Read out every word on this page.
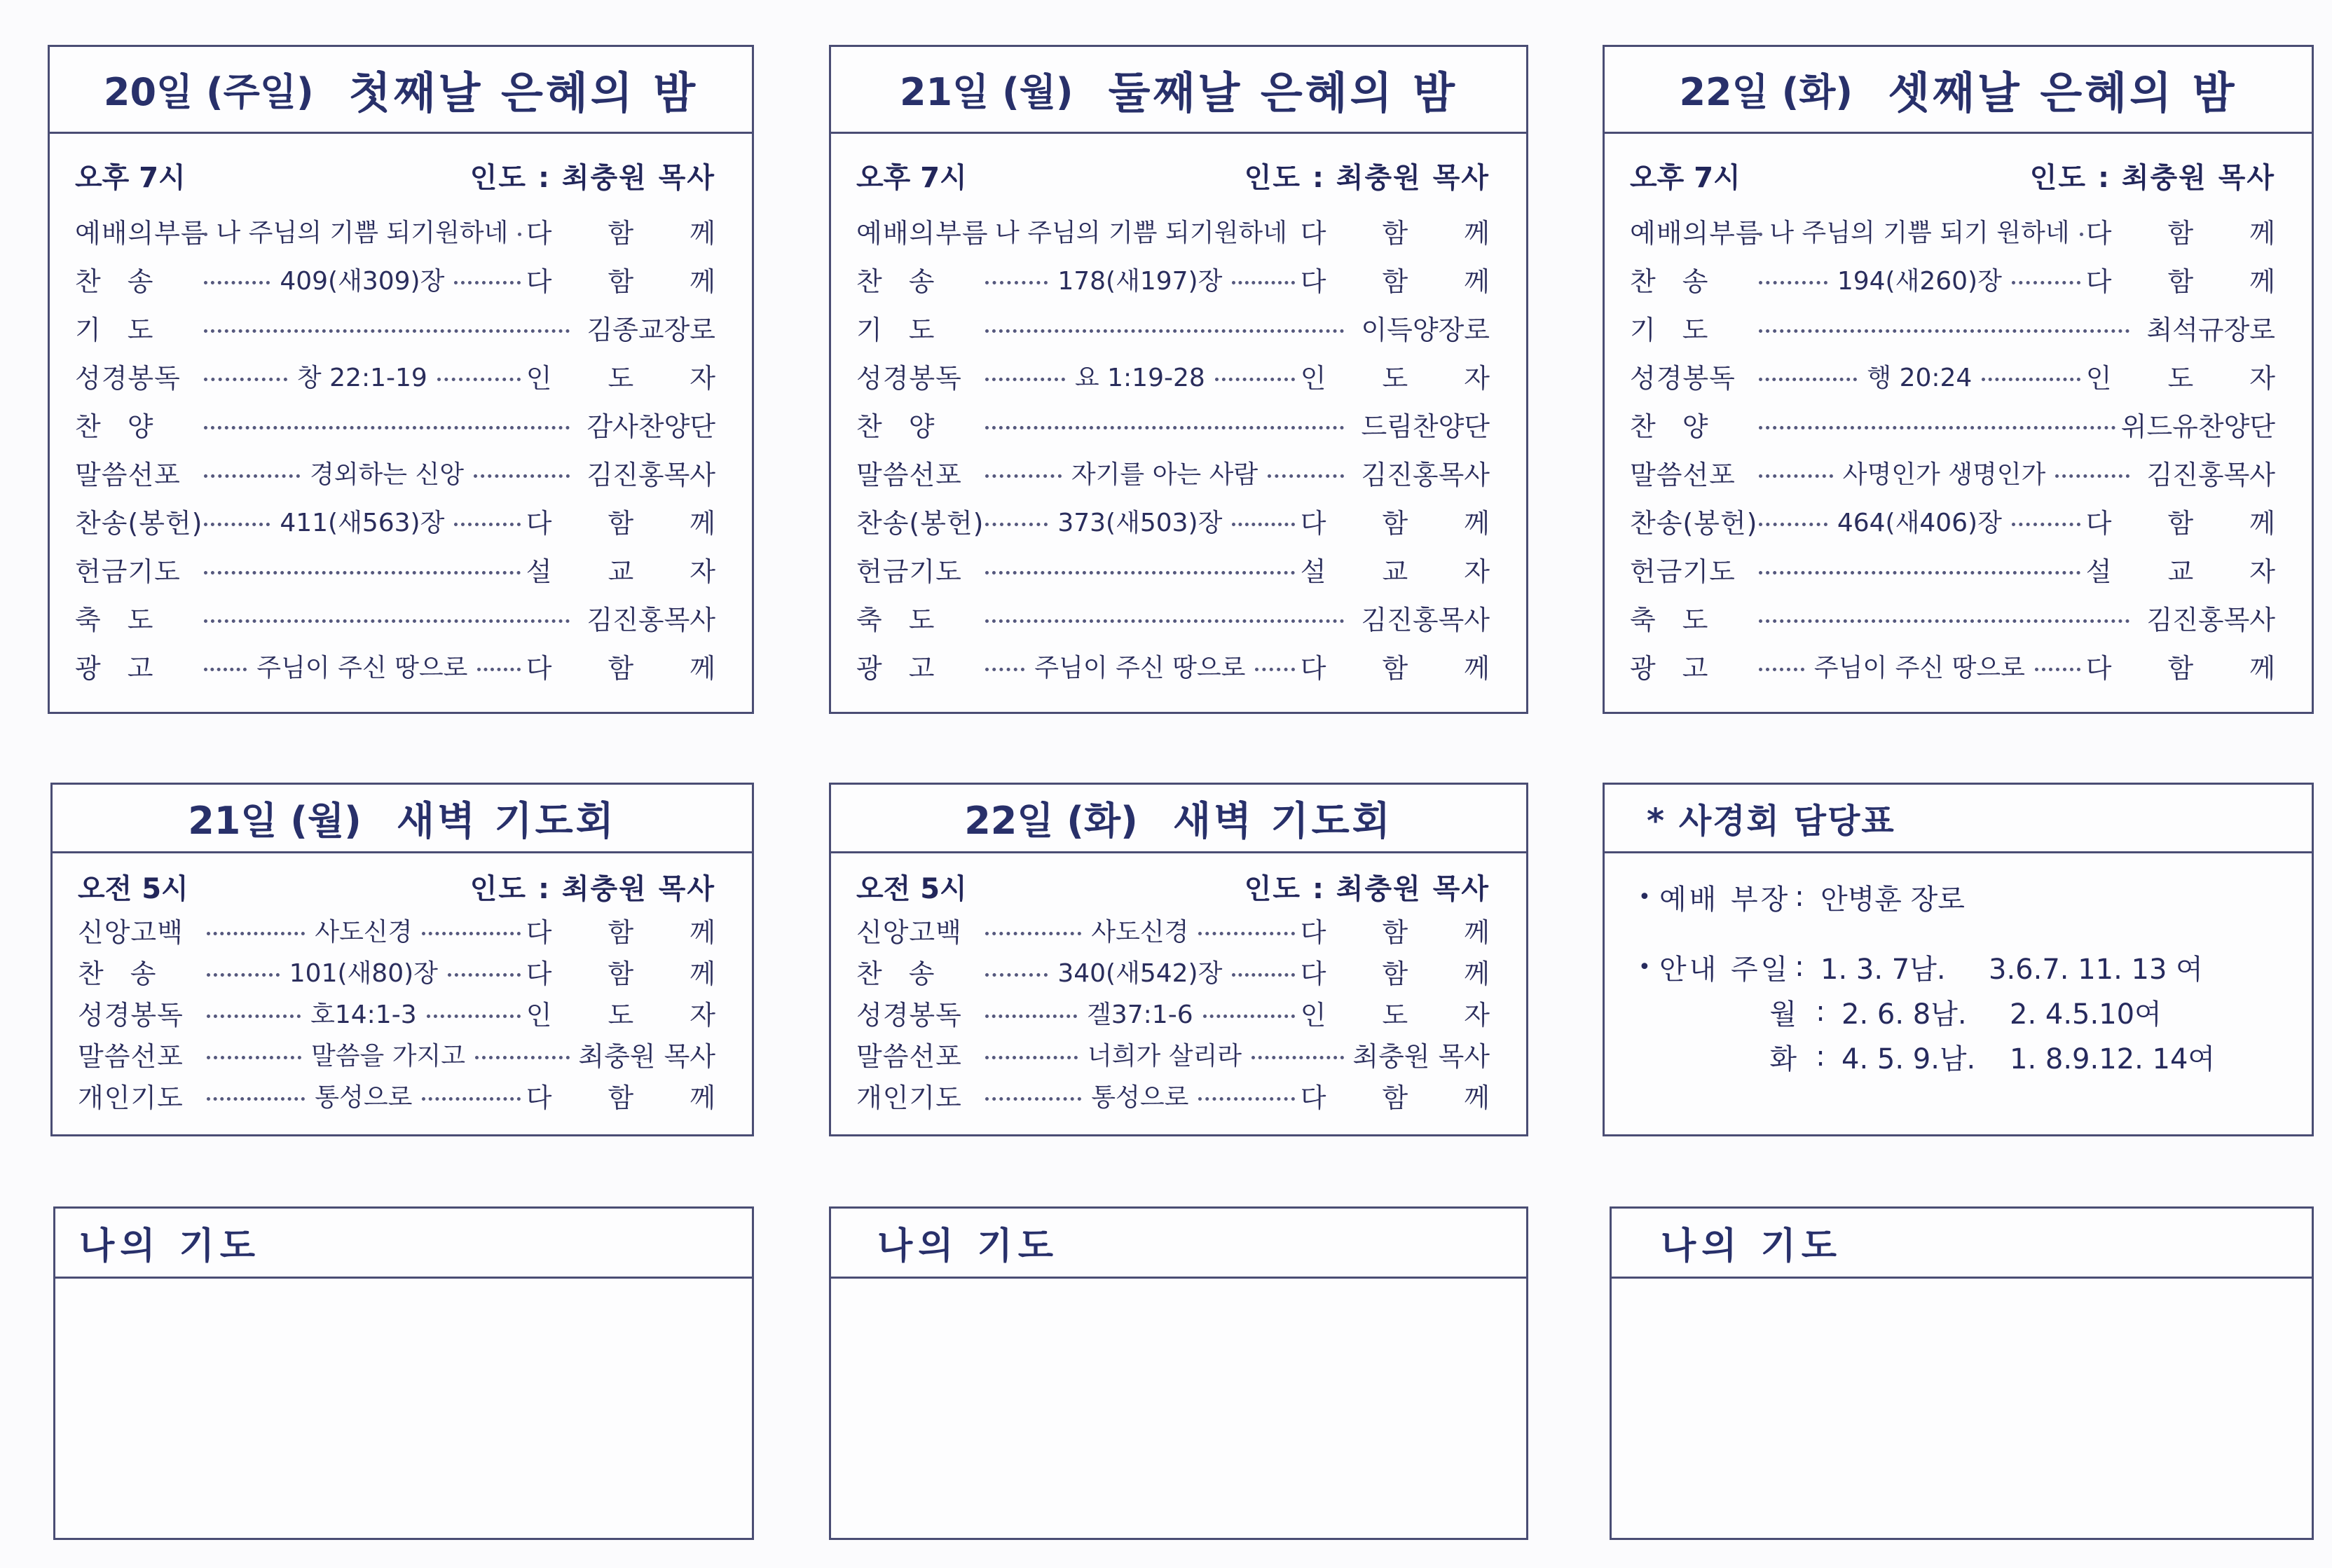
20일 (주일) 첫째날 은혜의 밤
오후 7시	인도 : 최충원 목사
예배의부름 나 주님의 기쁨 되기원하네 다 함 께
찬송	409(새309)장	다 함 께
기도	김종교장로
성경봉독	창 22:1-19	인 도 자
찬양	감사찬양단
말씀선포	경외하는 신앙	김진홍목사
찬송(봉헌)	411(새563)장	다 함 께
헌금기도	설 교 자
축도	김진홍목사
광고	주님이 주신 땅으로	다 함 께
21일 (월) 둘째날 은혜의 밤
오후 7시	인도 : 최충원 목사
예배의부름 나 주님의 기쁨 되기원하네 다 함 께
찬송	178(새197)장	다 함 께
기도	이득양장로
성경봉독	요 1:19-28	인 도 자
찬양	드림찬양단
말씀선포	자기를 아는 사람	김진홍목사
찬송(봉헌)	373(새503)장	다 함 께
헌금기도	설 교 자
축도	김진홍목사
광고	주님이 주신 땅으로	다 함 께
22일 (화) 셋째날 은혜의 밤
오후 7시	인도 : 최충원 목사
예배의부름 나 주님의 기쁨 되기 원하네 다 함 께
찬송	194(새260)장	다 함 께
기도	최석규장로
성경봉독	행 20:24	인 도 자
찬양	위드유찬양단
말씀선포	사명인가 생명인가	김진홍목사
찬송(봉헌)	464(새406)장	다 함 께
헌금기도	설 교 자
축도	김진홍목사
광고	주님이 주신 땅으로	다 함 께
21일 (월) 새벽 기도회
오전 5시	인도 : 최충원 목사
신앙고백	사도신경	다 함 께
찬송	101(새80)장	다 함 께
성경봉독	호14:1-3	인 도 자
말씀선포	말씀을 가지고	최충원 목사
개인기도	통성으로	다 함 께
22일 (화) 새벽 기도회
오전 5시	인도 : 최충원 목사
신앙고백	사도신경	다 함 께
찬송	340(새542)장	다 함 께
성경봉독	겔37:1-6	인 도 자
말씀선포	너희가 살리라	최충원 목사
개인기도	통성으로	다 함 께
* 사경회 담당표
• 예배 부장 : 안병훈 장로
• 안내 주일 : 1. 3. 7남.	3.6.7. 11. 13 여
월 : 2. 6. 8남.	2. 4.5.10여
화 : 4. 5. 9.남.	1. 8.9.12. 14여
나의 기도	나의 기도	나의 기도
